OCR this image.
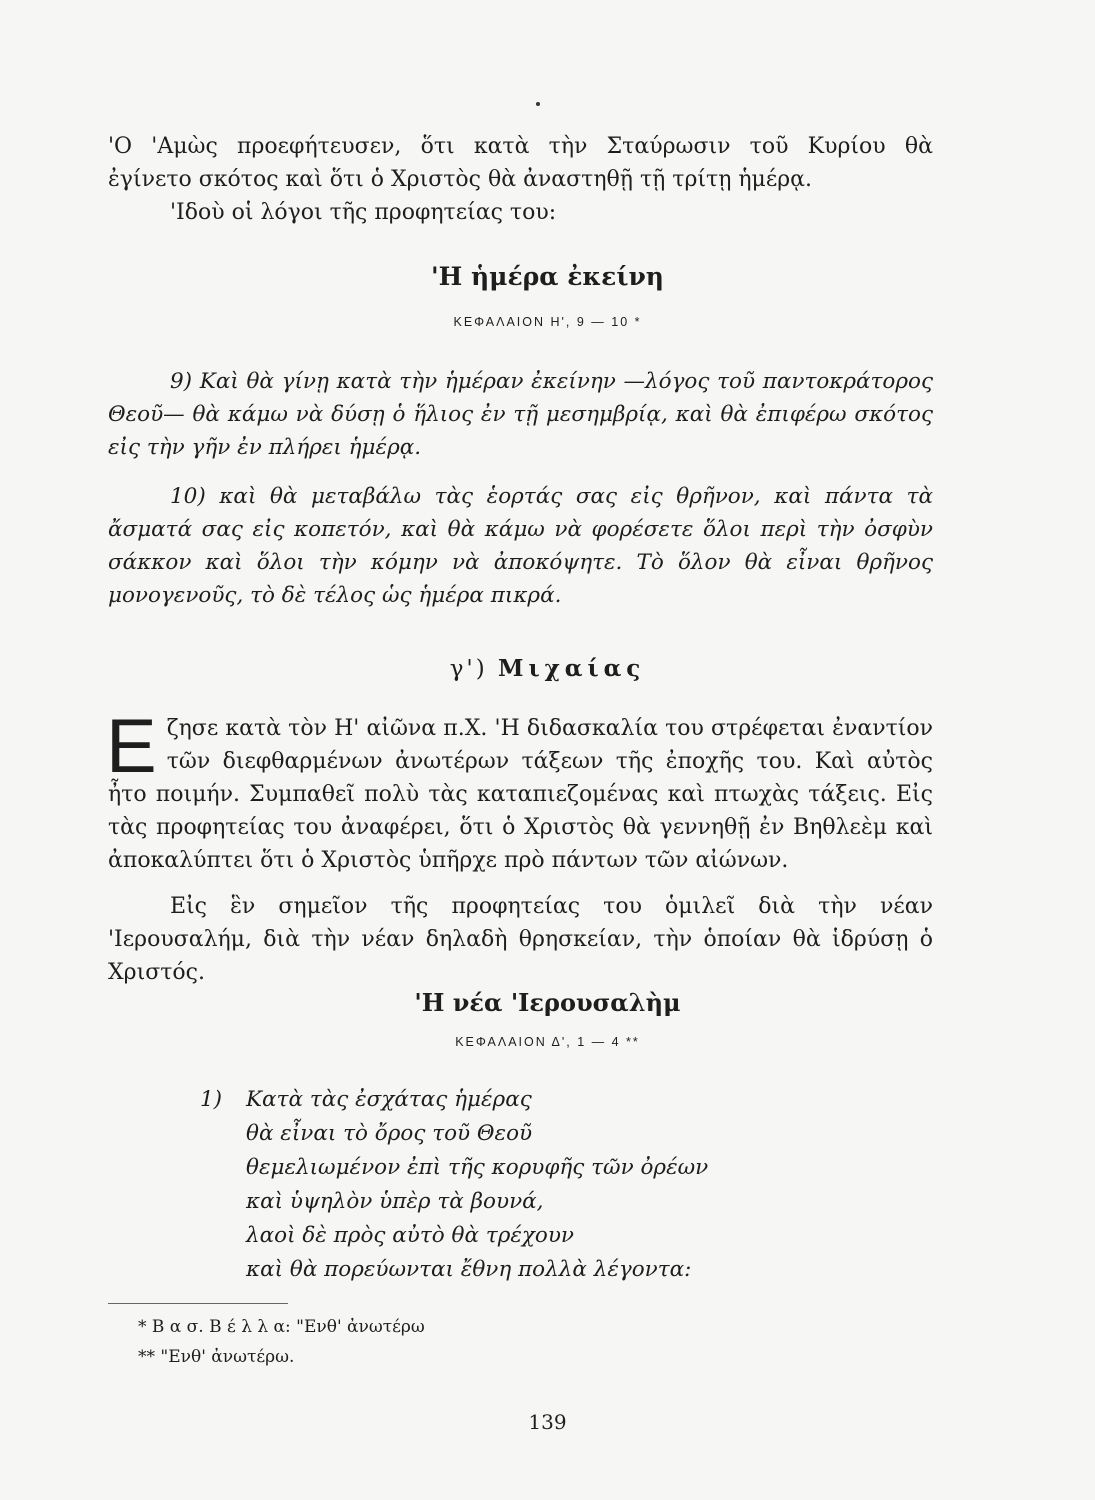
'Ο 'Αμὼς προεφήτευσεν, ὅτι κατὰ τὴν Σταύρωσιν τοῦ Κυρίου θὰ
ἐγίνετο σκότος καὶ ὅτι ὁ Χριστὸς θὰ ἀναστηθῇ τῇ τρίτῃ ἡμέρᾳ.
'Ιδοὺ οἱ λόγοι τῆς προφητείας του:
'Η ἡμέρα ἐκείνη
ΚΕΦΑΛΑΙΟΝ Η', 9 — 10 *
9) Καὶ θὰ γίνῃ κατὰ τὴν ἡμέραν ἐκείνην —λόγος τοῦ παντοκράτορος Θεοῦ— θὰ κάμω νὰ δύσῃ ὁ ἥλιος ἐν τῇ μεσημβρίᾳ, καὶ θὰ ἐπιφέρω σκότος εἰς τὴν γῆν ἐν πλήρει ἡμέρᾳ.
10) καὶ θὰ μεταβάλω τὰς ἑορτάς σας εἰς θρῆνον, καὶ πάντα τὰ ἄσματά σας εἰς κοπετόν, καὶ θὰ κάμω νὰ φορέσετε ὅλοι περὶ τὴν ὀσφὺν σάκκον καὶ ὅλοι τὴν κόμην νὰ ἀποκόψητε. Τὸ ὅλον θὰ εἶναι θρῆνος μονογενοῦς, τὸ δὲ τέλος ὡς ἡμέρα πικρά.
γ') Μιχαίας
Ε ζησε κατὰ τὸν Η' αἰῶνα π.Χ. 'Η διδασκαλία του στρέφεται ἐναντίον τῶν διεφθαρμένων ἀνωτέρων τάξεων τῆς ἐποχῆς του. Καὶ αὐτὸς ἦτο ποιμήν. Συμπαθεῖ πολὺ τὰς καταπιεζομένας καὶ πτωχὰς τάξεις. Εἰς τὰς προφητείας του ἀναφέρει, ὅτι ὁ Χριστὸς θὰ γεννηθῇ ἐν Βηθλεὲμ καὶ ἀποκαλύπτει ὅτι ὁ Χριστὸς ὑπῆρχε πρὸ πάντων τῶν αἰώνων.
Εἰς ἓν σημεῖον τῆς προφητείας του ὁμιλεῖ διὰ τὴν νέαν 'Ιερουσαλήμ, διὰ τὴν νέαν δηλαδὴ θρησκείαν, τὴν ὁποίαν θὰ ἱδρύσῃ ὁ Χριστός.
'Η νέα 'Ιερουσαλὴμ
ΚΕΦΑΛΑΙΟΝ Δ', 1 — 4 **
1) Κατὰ τὰς ἐσχάτας ἡμέρας
θὰ εἶναι τὸ ὄρος τοῦ Θεοῦ
θεμελιωμένον ἐπὶ τῆς κορυφῆς τῶν ὀρέων
καὶ ὑψηλὸν ὑπὲρ τὰ βουνά,
λαοὶ δὲ πρὸς αὐτὸ θὰ τρέχουν
καὶ θὰ πορεύωνται ἔθνη πολλὰ λέγοντα:
* Β α σ. Β έ λ λ α: "Ενθ' ἀνωτέρω
** "Ενθ' ἀνωτέρω.
139
